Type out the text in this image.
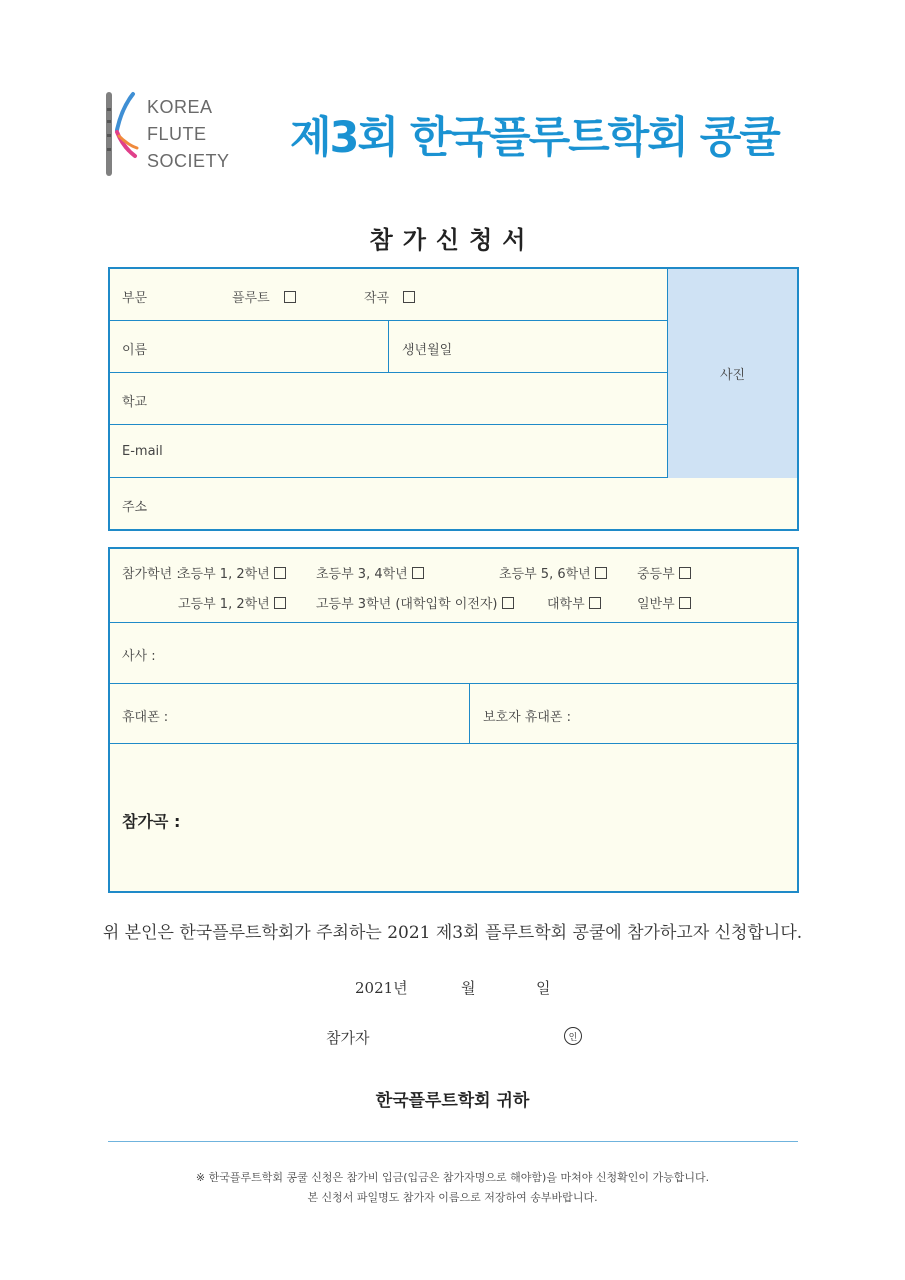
KOREA
FLUTE
SOCIETY 제3회 한국플루트학회 콩쿨
참가신청서
사진
부문	플루트	작곡
이름	생년월일
학교
E-mail
주소
참가학년 :
초등부 1, 2학년	초등부 3, 4학년	초등부 5, 6학년	중등부
고등부 1, 2학년	고등부 3학년 (대학입학 이전자)	대학부	일반부
사사 :
휴대폰 :	보호자 휴대폰 :
참가곡 :
위 본인은 한국플루트학회가 주최하는 2021 제3회 플루트학회 콩쿨에 참가하고자 신청합니다.
2021년	월	일
참가자	인
한국플루트학회 귀하
※ 한국플루트학회 콩쿨 신청은 참가비 입금(입금은 참가자명으로 해야함)을 마쳐야 신청확인이 가능합니다.
본 신청서 파일명도 참가자 이름으로 저장하여 송부바랍니다.
